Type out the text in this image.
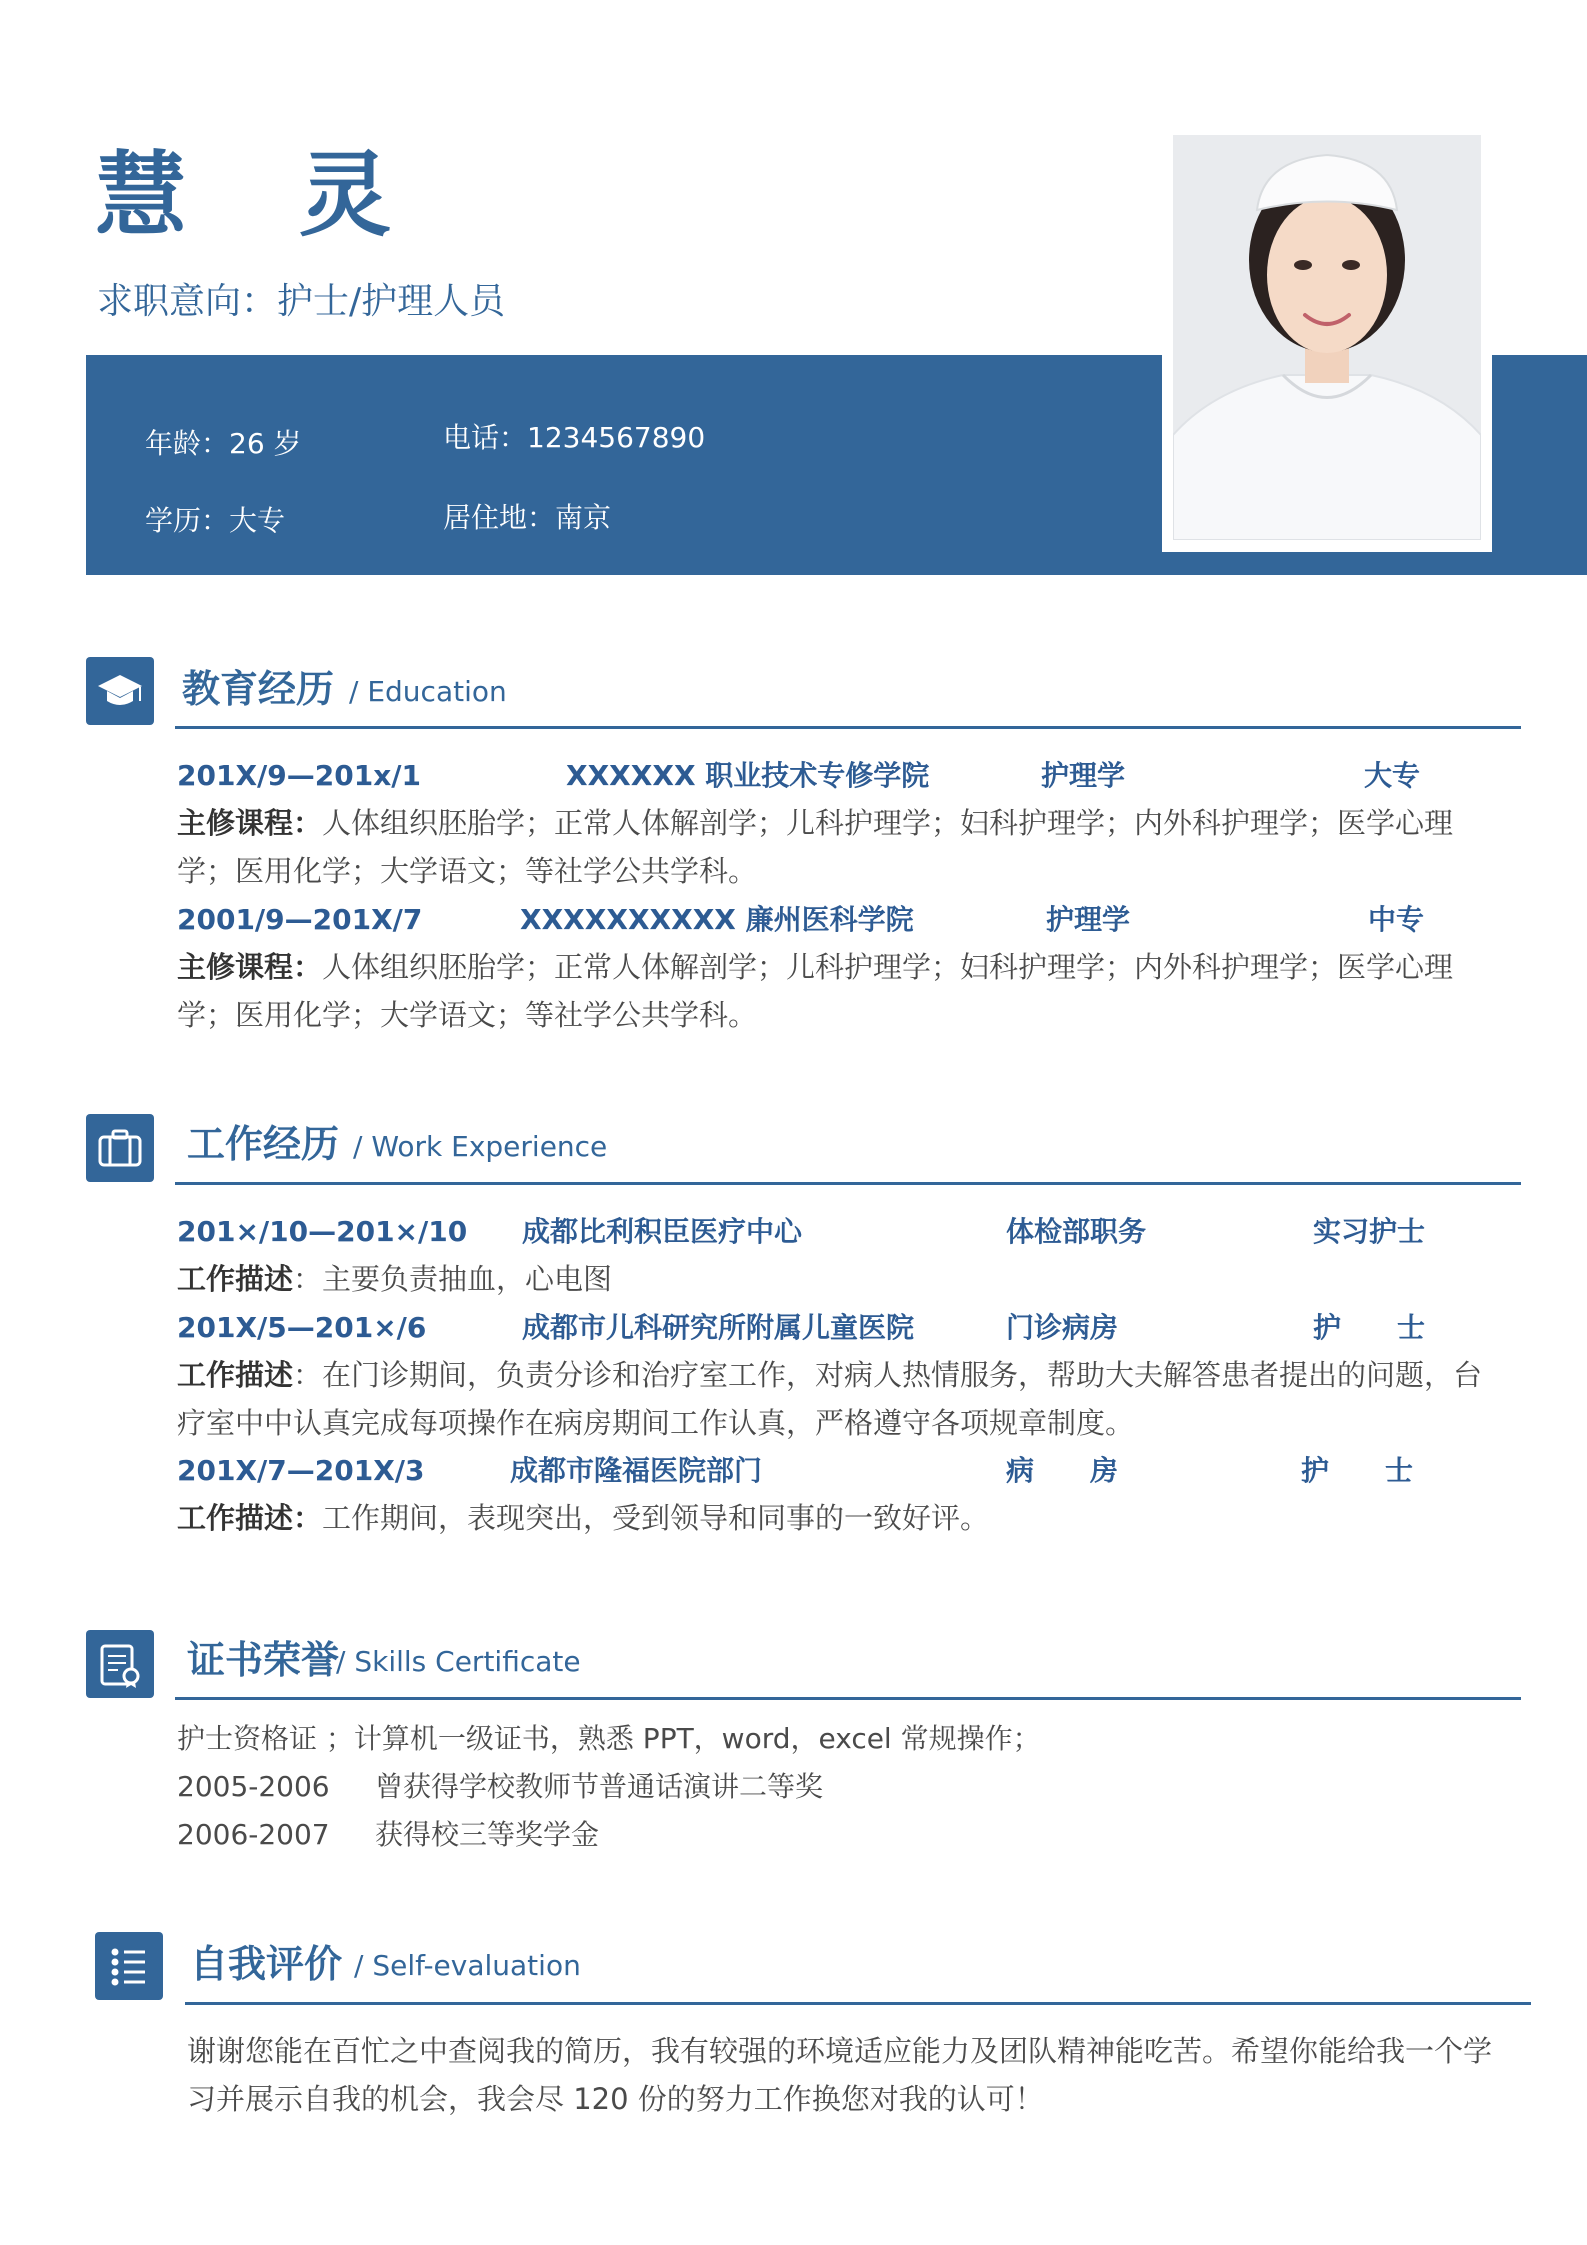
慧 灵
求职意向：护士/护理人员
年龄：26 岁	电话：1234567890
学历：大专	居住地：南京
教育经历 / Education
201X/9—201x/1	XXXXXX 职业技术专修学院	护理学	大专
主修课程：人体组织胚胎学；正常人体解剖学；儿科护理学；妇科护理学；内外科护理学；医学心理学；医用化学；大学语文；等社学公共学科。
2001/9—201X/7	XXXXXXXXXX 廉州医科学院	护理学	中专
主修课程：人体组织胚胎学；正常人体解剖学；儿科护理学；妇科护理学；内外科护理学；医学心理学；医用化学；大学语文；等社学公共学科。
工作经历 / Work Experience
201×/10—201×/10 成都比利积臣医疗中心	体检部职务	实习护士
工作描述：主要负责抽血，心电图
201X/5—201×/6	成都市儿科研究所附属儿童医院	门诊病房	护　　士
工作描述：在门诊期间，负责分诊和治疗室工作，对病人热情服务，帮助大夫解答患者提出的问题，台疗室中中认真完成每项操作在病房期间工作认真，严格遵守各项规章制度。
201X/7—201X/3	成都市隆福医院部门	病　　房	护　　士
工作描述：工作期间，表现突出，受到领导和同事的一致好评。
证书荣誉
/ Skills Certificate
护士资格证 ；计算机一级证书，熟悉 PPT，word，excel 常规操作；
2005-2006 曾获得学校教师节普通话演讲二等奖
2006-2007 获得校三等奖学金
自我评价 / Self-evaluation
谢谢您能在百忙之中查阅我的简历，我有较强的环境适应能力及团队精神能吃苦。希望你能给我一个学习并展示自我的机会，我会尽 120 份的努力工作换您对我的认可！
